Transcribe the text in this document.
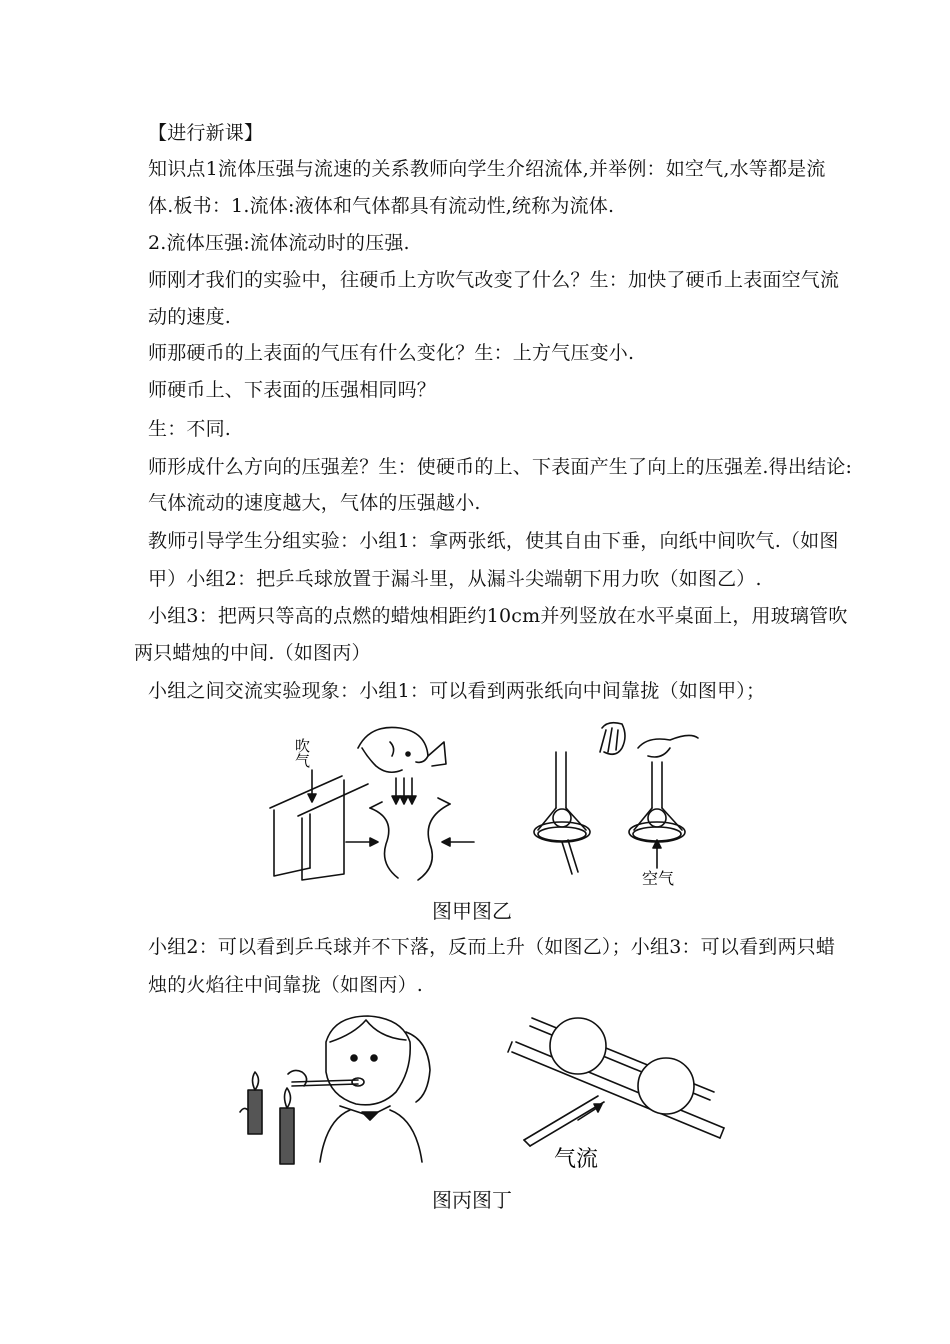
【进行新课】
知识点1流体压强与流速的关系教师向学生介绍流体,并举例：如空气,水等都是流
体.板书：1.流体:液体和气体都具有流动性,统称为流体.
2.流体压强:流体流动时的压强.
师刚才我们的实验中，往硬币上方吹气改变了什么？生：加快了硬币上表面空气流
动的速度.
师那硬币的上表面的气压有什么变化？生：上方气压变小.
师硬币上、下表面的压强相同吗？
生：不同.
师形成什么方向的压强差？生：使硬币的上、下表面产生了向上的压强差.得出结论:
气体流动的速度越大，气体的压强越小.
教师引导学生分组实验：小组1：拿两张纸，使其自由下垂，向纸中间吹气.（如图
甲）小组2：把乒乓球放置于漏斗里，从漏斗尖端朝下用力吹（如图乙）.
小组3：把两只等高的点燃的蜡烛相距约10cm并列竖放在水平桌面上，用玻璃管吹
两只蜡烛的中间.（如图丙）
小组之间交流实验现象：小组1：可以看到两张纸向中间靠拢（如图甲）；
吹气
空气
图甲图乙
小组2：可以看到乒乓球并不下落，反而上升（如图乙）；小组3：可以看到两只蜡
烛的火焰往中间靠拢（如图丙）.
气流
图丙图丁
